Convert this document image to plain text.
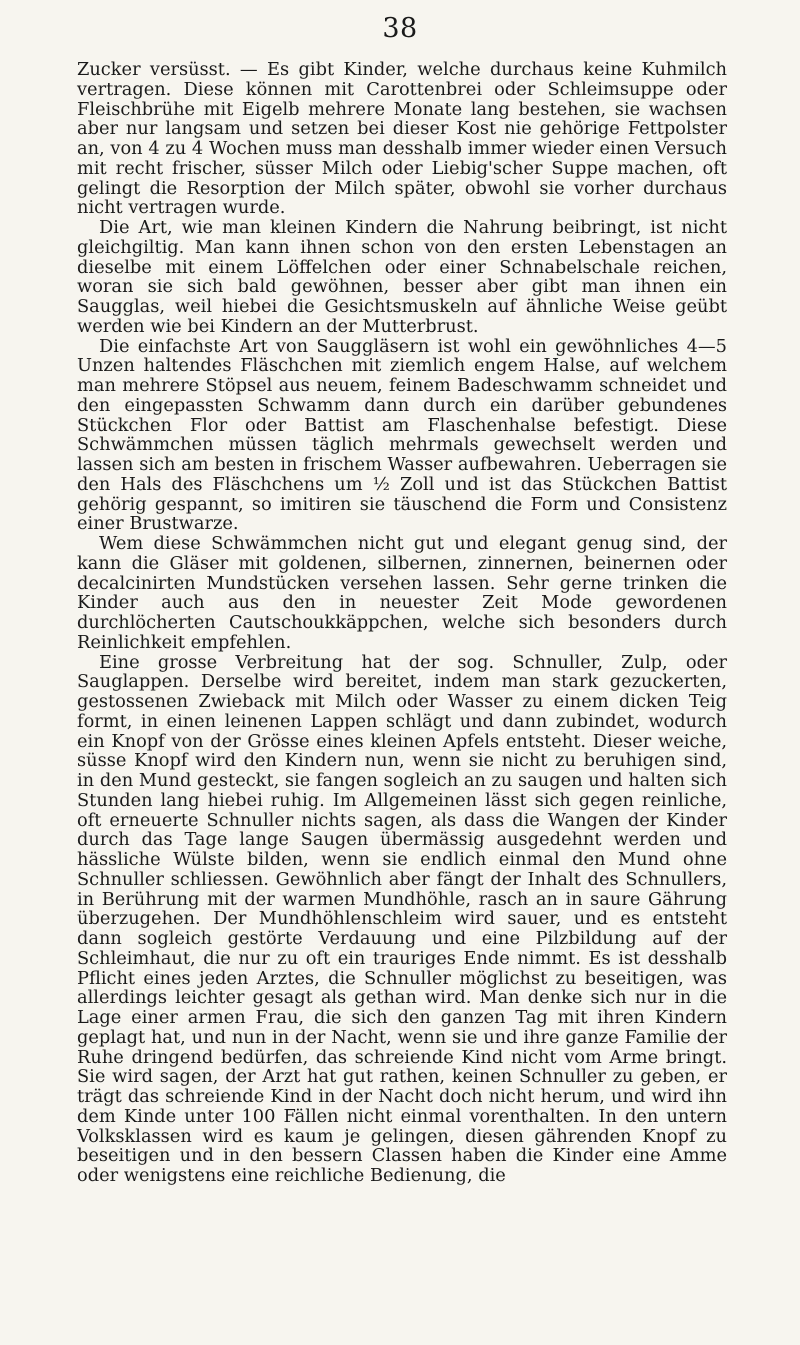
38

Zucker versüsst. — Es gibt Kinder, welche durchaus keine Kuhmilch vertragen. Diese können mit Carottenbrei oder Schleimsuppe oder Fleischbrühe mit Eigelb mehrere Monate lang bestehen, sie wachsen aber nur langsam und setzen bei dieser Kost nie gehörige Fettpolster an, von 4 zu 4 Wochen muss man desshalb immer wieder einen Versuch mit recht frischer, süsser Milch oder Liebig'scher Suppe machen, oft gelingt die Resorption der Milch später, obwohl sie vorher durchaus nicht vertragen wurde.

Die Art, wie man kleinen Kindern die Nahrung beibringt, ist nicht gleichgiltig. Man kann ihnen schon von den ersten Lebenstagen an dieselbe mit einem Löffelchen oder einer Schnabelschale reichen, woran sie sich bald gewöhnen, besser aber gibt man ihnen ein Saugglas, weil hiebei die Gesichtsmuskeln auf ähnliche Weise geübt werden wie bei Kindern an der Mutterbrust.

Die einfachste Art von Sauggläsern ist wohl ein gewöhnliches 4—5 Unzen haltendes Fläschchen mit ziemlich engem Halse, auf welchem man mehrere Stöpsel aus neuem, feinem Badeschwamm schneidet und den eingepassten Schwamm dann durch ein darüber gebundenes Stückchen Flor oder Battist am Flaschenhalse befestigt. Diese Schwämmchen müssen täglich mehrmals gewechselt werden und lassen sich am besten in frischem Wasser aufbewahren. Ueberragen sie den Hals des Fläschchens um ½ Zoll und ist das Stückchen Battist gehörig gespannt, so imitiren sie täuschend die Form und Consistenz einer Brustwarze.

Wem diese Schwämmchen nicht gut und elegant genug sind, der kann die Gläser mit goldenen, silbernen, zinnernen, beinernen oder decalcinirten Mundstücken versehen lassen. Sehr gerne trinken die Kinder auch aus den in neuester Zeit Mode gewordenen durchlöcherten Cautschoukkäppchen, welche sich besonders durch Reinlichkeit empfehlen.

Eine grosse Verbreitung hat der sog. Schnuller, Zulp, oder Sauglappen. Derselbe wird bereitet, indem man stark gezuckerten, gestossenen Zwieback mit Milch oder Wasser zu einem dicken Teig formt, in einen leinenen Lappen schlägt und dann zubindet, wodurch ein Knopf von der Grösse eines kleinen Apfels entsteht. Dieser weiche, süsse Knopf wird den Kindern nun, wenn sie nicht zu beruhigen sind, in den Mund gesteckt, sie fangen sogleich an zu saugen und halten sich Stunden lang hiebei ruhig. Im Allgemeinen lässt sich gegen reinliche, oft erneuerte Schnuller nichts sagen, als dass die Wangen der Kinder durch das Tage lange Saugen übermässig ausgedehnt werden und hässliche Wülste bilden, wenn sie endlich einmal den Mund ohne Schnuller schliessen. Gewöhnlich aber fängt der Inhalt des Schnullers, in Berührung mit der warmen Mundhöhle, rasch an in saure Gährung überzugehen. Der Mundhöhlenschleim wird sauer, und es entsteht dann sogleich gestörte Verdauung und eine Pilzbildung auf der Schleimhaut, die nur zu oft ein trauriges Ende nimmt. Es ist desshalb Pflicht eines jeden Arztes, die Schnuller möglichst zu beseitigen, was allerdings leichter gesagt als gethan wird. Man denke sich nur in die Lage einer armen Frau, die sich den ganzen Tag mit ihren Kindern geplagt hat, und nun in der Nacht, wenn sie und ihre ganze Familie der Ruhe dringend bedürfen, das schreiende Kind nicht vom Arme bringt. Sie wird sagen, der Arzt hat gut rathen, keinen Schnuller zu geben, er trägt das schreiende Kind in der Nacht doch nicht herum, und wird ihn dem Kinde unter 100 Fällen nicht einmal vorenthalten. In den untern Volksklassen wird es kaum je gelingen, diesen gährenden Knopf zu beseitigen und in den bessern Classen haben die Kinder eine Amme oder wenigstens eine reichliche Bedienung, die
